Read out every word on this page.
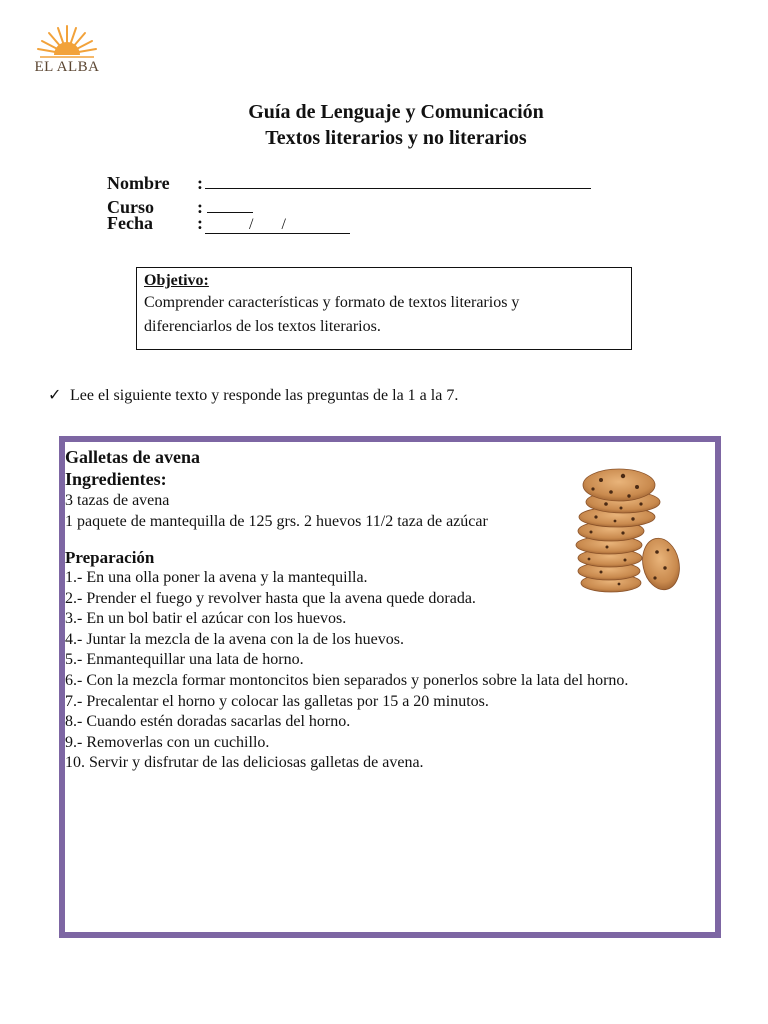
EL ALBA
Guía de Lenguaje y Comunicación
Textos literarios y no literarios
Nombre :
Curso :
Fecha :	/ /
Objetivo:
Comprender características y formato de textos literarios y
diferenciarlos de los textos literarios.
✓ Lee el siguiente texto y responde las preguntas de la 1 a la 7.
Galletas de avena
Ingredientes:
3 tazas de avena
1 paquete de mantequilla de 125 grs. 2 huevos 11/2 taza de azúcar
Preparación
1.- En una olla poner la avena y la mantequilla.
2.- Prender el fuego y revolver hasta que la avena quede dorada.
3.- En un bol batir el azúcar con los huevos.
4.- Juntar la mezcla de la avena con la de los huevos.
5.- Enmantequillar una lata de horno.
6.- Con la mezcla formar montoncitos bien separados y ponerlos sobre la lata del horno.
7.- Precalentar el horno y colocar las galletas por 15 a 20 minutos.
8.- Cuando estén doradas sacarlas del horno.
9.- Removerlas con un cuchillo.
10. Servir y disfrutar de las deliciosas galletas de avena.
